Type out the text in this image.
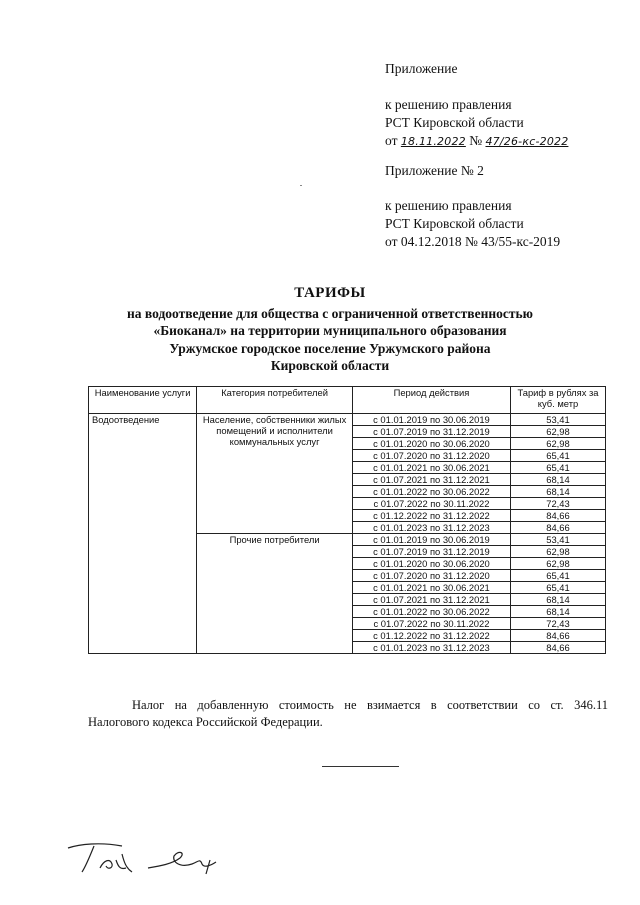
Приложение
к решению правления
РСТ Кировской области
от 18.11.2022 № 47/26-кс-2022
Приложение № 2
к решению правления
РСТ Кировской области
от 04.12.2018 № 43/55-кс-2019
ТАРИФЫ
на водоотведение для общества с ограниченной ответственностью
«Биоканал» на территории муниципального образования
Уржумское городское поселение Уржумского района
Кировской области
Наименование услуги	Категория потребителей	Период действия	Тариф в рублях за куб. метр
Водоотведение	Население, собственники жилых помещений и исполнители коммунальных услуг	с 01.01.2019 по 30.06.2019	53,41
		с 01.07.2019 по 31.12.2019	62,98
		с 01.01.2020 по 30.06.2020	62,98
		с 01.07.2020 по 31.12.2020	65,41
		с 01.01.2021 по 30.06.2021	65,41
		с 01.07.2021 по 31.12.2021	68,14
		с 01.01.2022 по 30.06.2022	68,14
		с 01.07.2022 по 30.11.2022	72,43
		с 01.12.2022 по 31.12.2022	84,66
		с 01.01.2023 по 31.12.2023	84,66
	Прочие потребители	с 01.01.2019 по 30.06.2019	53,41
		с 01.07.2019 по 31.12.2019	62,98
		с 01.01.2020 по 30.06.2020	62,98
		с 01.07.2020 по 31.12.2020	65,41
		с 01.01.2021 по 30.06.2021	65,41
		с 01.07.2021 по 31.12.2021	68,14
		с 01.01.2022 по 30.06.2022	68,14
		с 01.07.2022 по 30.11.2022	72,43
		с 01.12.2022 по 31.12.2022	84,66
		с 01.01.2023 по 31.12.2023	84,66
Налог на добавленную стоимость не взимается в соответствии со ст. 346.11
Налогового кодекса Российской Федерации.
